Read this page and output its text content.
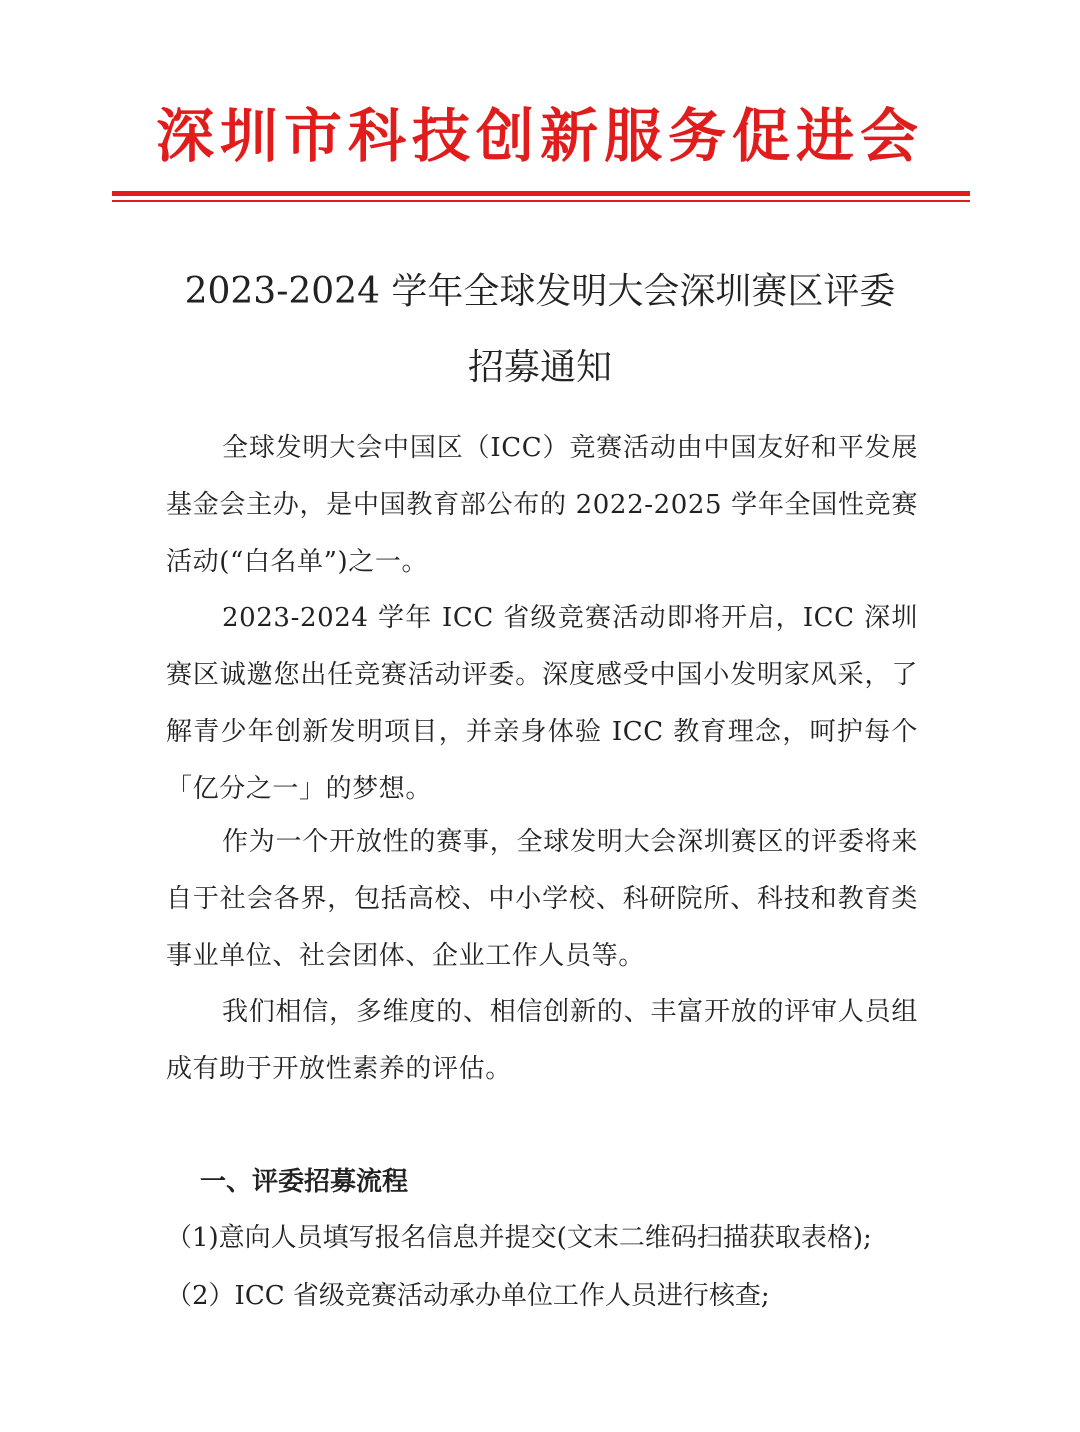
深圳市科技创新服务促进会
2023-2024 学年全球发明大会深圳赛区评委
招募通知

全球发明大会中国区（ICC）竞赛活动由中国友好和平发展基金会主办，是中国教育部公布的 2022-2025 学年全国性竞赛活动(“白名单”)之一。

2023-2024 学年 ICC 省级竞赛活动即将开启，ICC 深圳赛区诚邀您出任竞赛活动评委。深度感受中国小发明家风采，了解青少年创新发明项目，并亲身体验 ICC 教育理念，呵护每个「亿分之一」的梦想。

作为一个开放性的赛事，全球发明大会深圳赛区的评委将来自于社会各界，包括高校、中小学校、科研院所、科技和教育类事业单位、社会团体、企业工作人员等。

我们相信，多维度的、相信创新的、丰富开放的评审人员组成有助于开放性素养的评估。

一、评委招募流程
（1)意向人员填写报名信息并提交(文末二维码扫描获取表格);
（2）ICC 省级竞赛活动承办单位工作人员进行核查;
